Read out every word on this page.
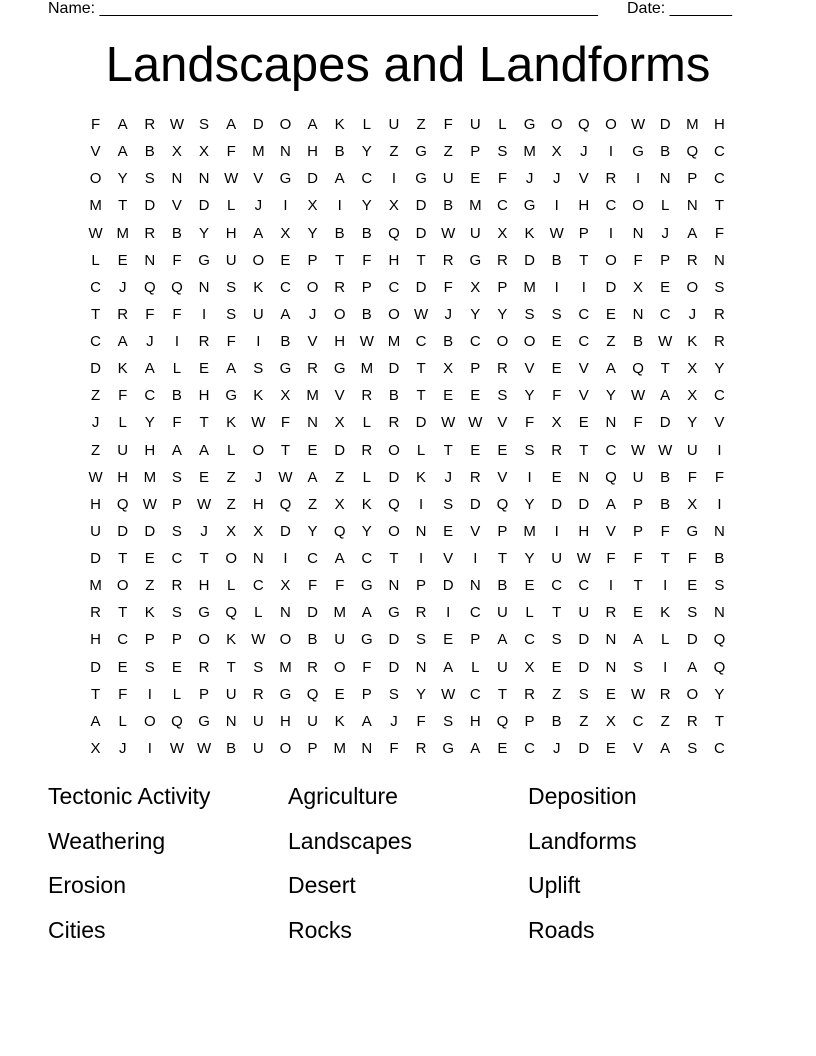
Name: ________________________________________________________ Date: _______
Landscapes and Landforms
F	A	R W	S	A	D	O	A	K	L	U	Z	F	U	L	G	O	Q	O W D	M	H
V	A	B	X	X	F	M	N	H	B	Y	Z	G	Z	P	S	M	X	J	I	G	B	Q	C
O	Y	S	N	N W	V	G	D	A	C	I	G	U	E	F	J	J	V	R	I	N	P	C
M	T	D	V	D	L	J	I	X	I	Y	X	D	B	M	C	G	I	H	C	O	L	N	T
W M	R	B	Y	H	A	X	Y	B	B	Q	D W U	X	K	W	P	I	N	J	A	F
L	E	N	F	G	U	O	E	P	T	F	H	T	R	G	R	D	B	T	O	F	P	R	N
C	J	Q	Q	N	S	K	C	O	R	P	C	D	F	X	P	M	I	I	D	X	E	O	S
T	R	F	F	I	S	U	A	J	O	B	O W	J	Y	Y	S	S	C	E	N	C	J	R
C	A	J	I	R	F	I	B	V	H W M	C	B	C	O	O	E	C	Z	B	W	K	R
D	K	A	L	E	A	S	G	R	G	M	D	T	X	P	R	V	E	V	A	Q	T	X	Y
Z	F	C	B	H	G	K	X	M	V	R	B	T	E	E	S	Y	F	V	Y	W	A	X	C
J	L	Y	F	T	K	W	F	N	X	L	R	D W W	V	F	X	E	N	F	D	Y	V
Z	U	H	A	A	L	O	T	E	D	R	O	L	T	E	E	S	R	T	C W W U	I
W H	M	S	E	Z	J	W	A	Z	L	D	K	J	R	V	I	E	N	Q	U	B	F	F
H	Q W	P	W	Z	H	Q	Z	X	K	Q	I	S	D	Q	Y	D	D	A	P	B	X	I
U	D	D	S	J	X	X	D	Y	Q	Y	O	N	E	V	P	M	I	H	V	P	F	G	N
D	T	E	C	T	O	N	I	C	A	C	T	I	V	I	T	Y	U W	F	F	T	F	B
M	O	Z	R	H	L	C	X	F	F	G	N	P	D	N	B	E	C	C	I	T	I	E	S
R	T	K	S	G	Q	L	N	D	M	A	G	R	I	C	U	L	T	U	R	E	K	S	N
H	C	P	P	O	K	W O	B	U	G	D	S	E	P	A	C	S	D	N	A	L	D	Q
D	E	S	E	R	T	S	M	R	O	F	D	N	A	L	U	X	E	D	N	S	I	A	Q
T	F	I	L	P	U	R	G	Q	E	P	S	Y	W C	T	R	Z	S	E	W R	O	Y
A	L	O	Q	G	N	U	H	U	K	A	J	F	S	H	Q	P	B	Z	X	C	Z	R	T
X	J	I	W W	B	U	O	P	M	N	F	R	G	A	E	C	J	D	E	V	A	S	C
Tectonic Activity	Agriculture	Deposition
Weathering	Landscapes	Landforms
Erosion	Desert	Uplift
Cities	Rocks	Roads
